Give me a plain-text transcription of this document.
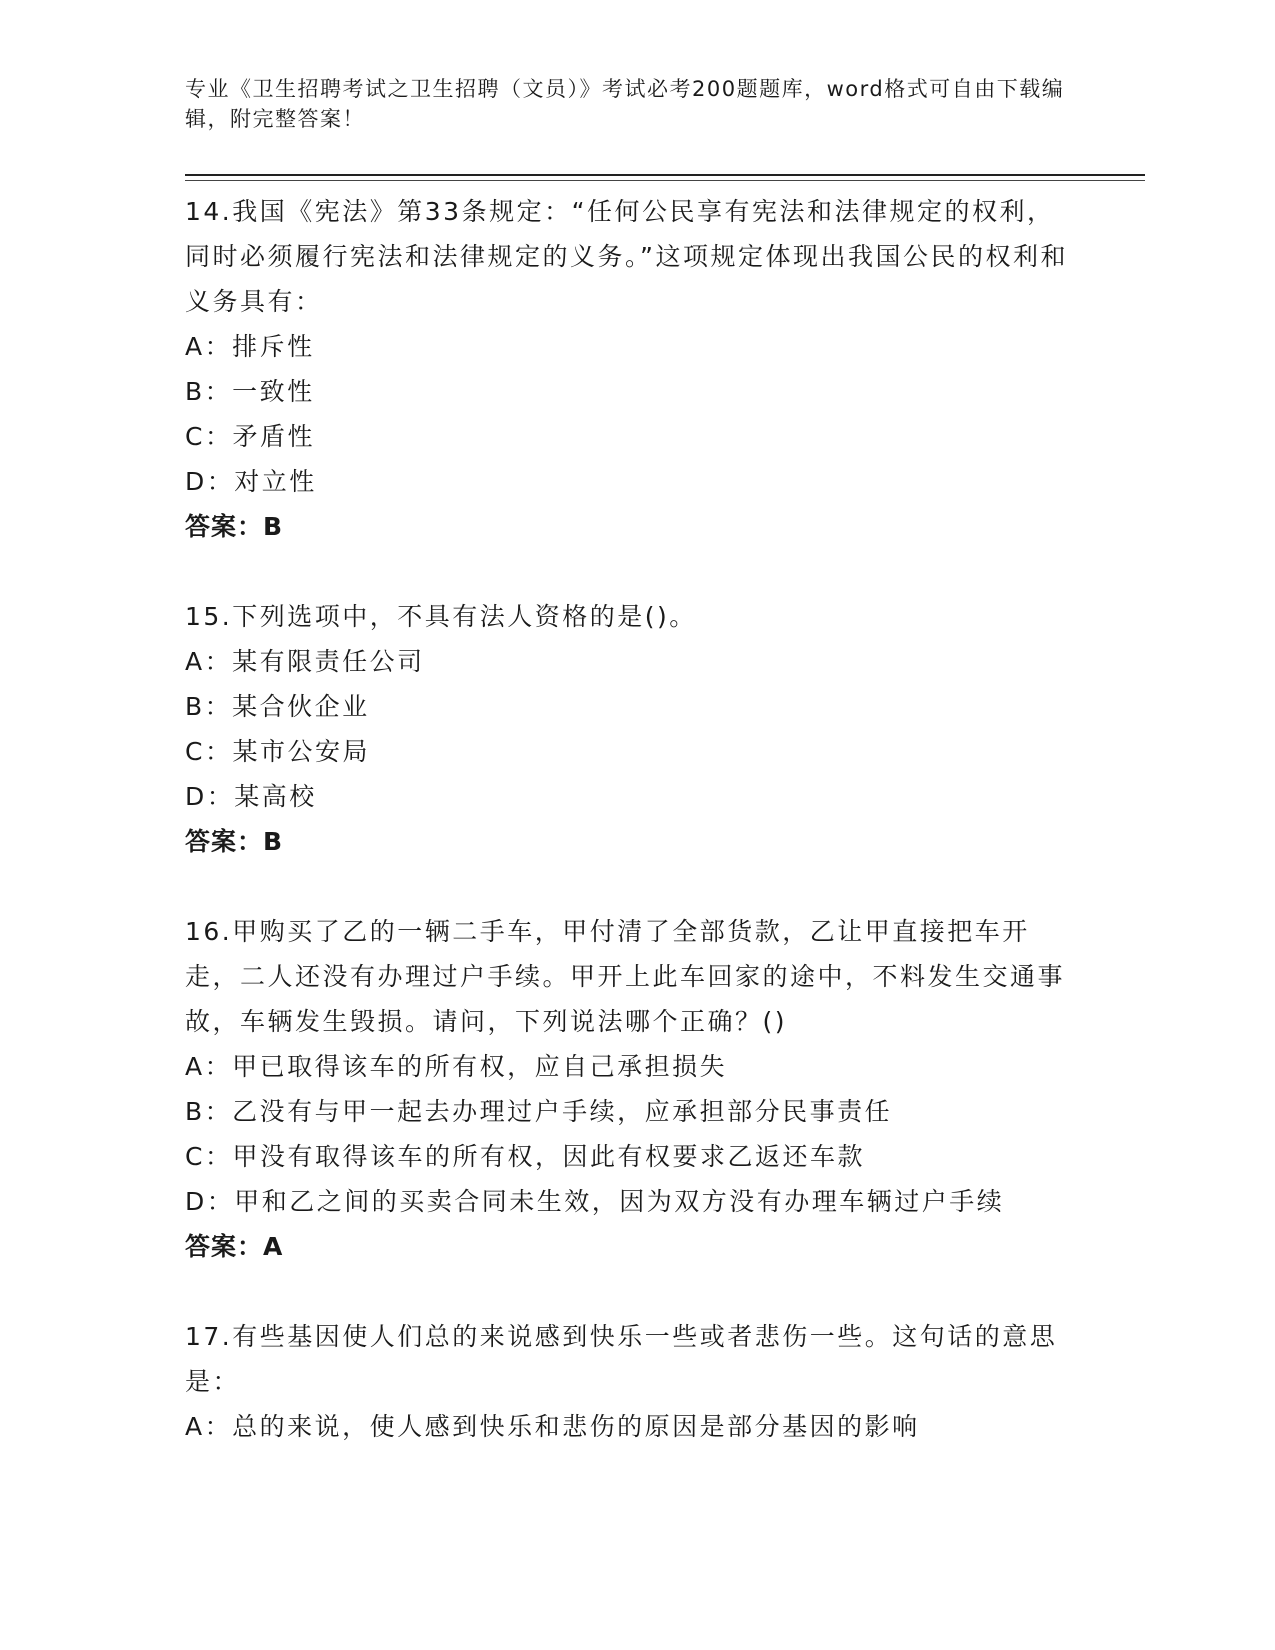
专业《卫生招聘考试之卫生招聘（文员）》考试必考200题题库，word格式可自由下载编辑，附完整答案！
14.我国《宪法》第33条规定：“任何公民享有宪法和法律规定的权利，同时必须履行宪法和法律规定的义务。”这项规定体现出我国公民的权利和义务具有：
A：排斥性
B：一致性
C：矛盾性
D：对立性
答案：B
15.下列选项中，不具有法人资格的是()。
A：某有限责任公司
B：某合伙企业
C：某市公安局
D：某高校
答案：B
16.甲购买了乙的一辆二手车，甲付清了全部货款，乙让甲直接把车开走，二人还没有办理过户手续。甲开上此车回家的途中，不料发生交通事故，车辆发生毁损。请问，下列说法哪个正确？()
A：甲已取得该车的所有权，应自己承担损失
B：乙没有与甲一起去办理过户手续，应承担部分民事责任
C：甲没有取得该车的所有权，因此有权要求乙返还车款
D：甲和乙之间的买卖合同未生效，因为双方没有办理车辆过户手续
答案：A
17.有些基因使人们总的来说感到快乐一些或者悲伤一些。这句话的意思是：
A：总的来说，使人感到快乐和悲伤的原因是部分基因的影响
